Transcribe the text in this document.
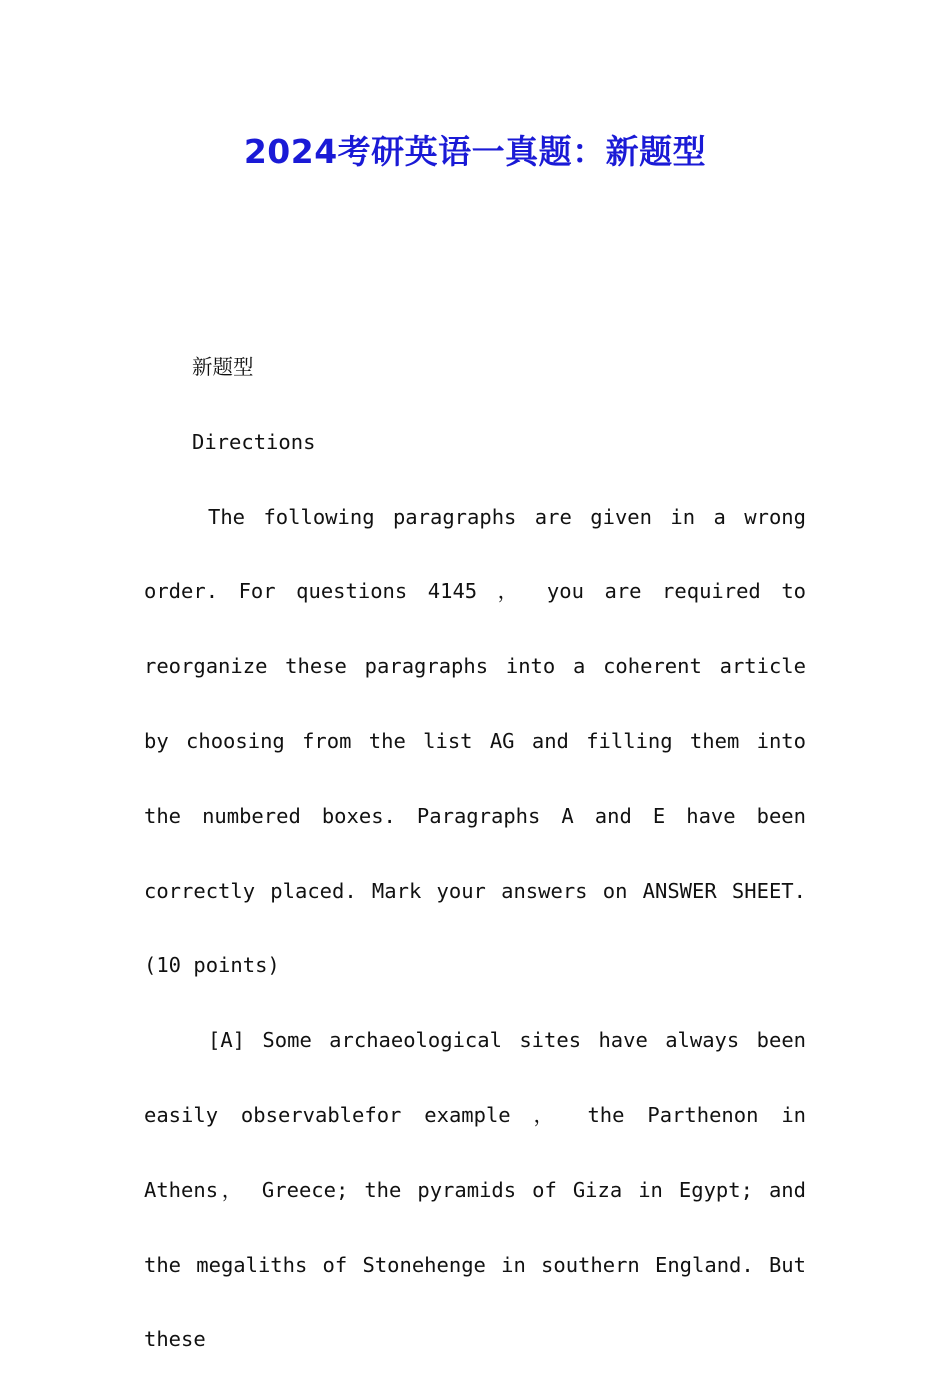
2024考研英语一真题：新题型

新题型

Directions

The following paragraphs are given in a wrong order. For questions 4145 ， you are required to reorganize these paragraphs into a coherent article by choosing from the list AG and filling them into the numbered boxes. Paragraphs A and E have been correctly placed. Mark your answers on ANSWER SHEET. (10 points)

[A] Some archaeological sites have always been easily observablefor example ， the Parthenon in Athens， Greece; the pyramids of Giza in Egypt; and the megaliths of Stonehenge in southern England. But these
